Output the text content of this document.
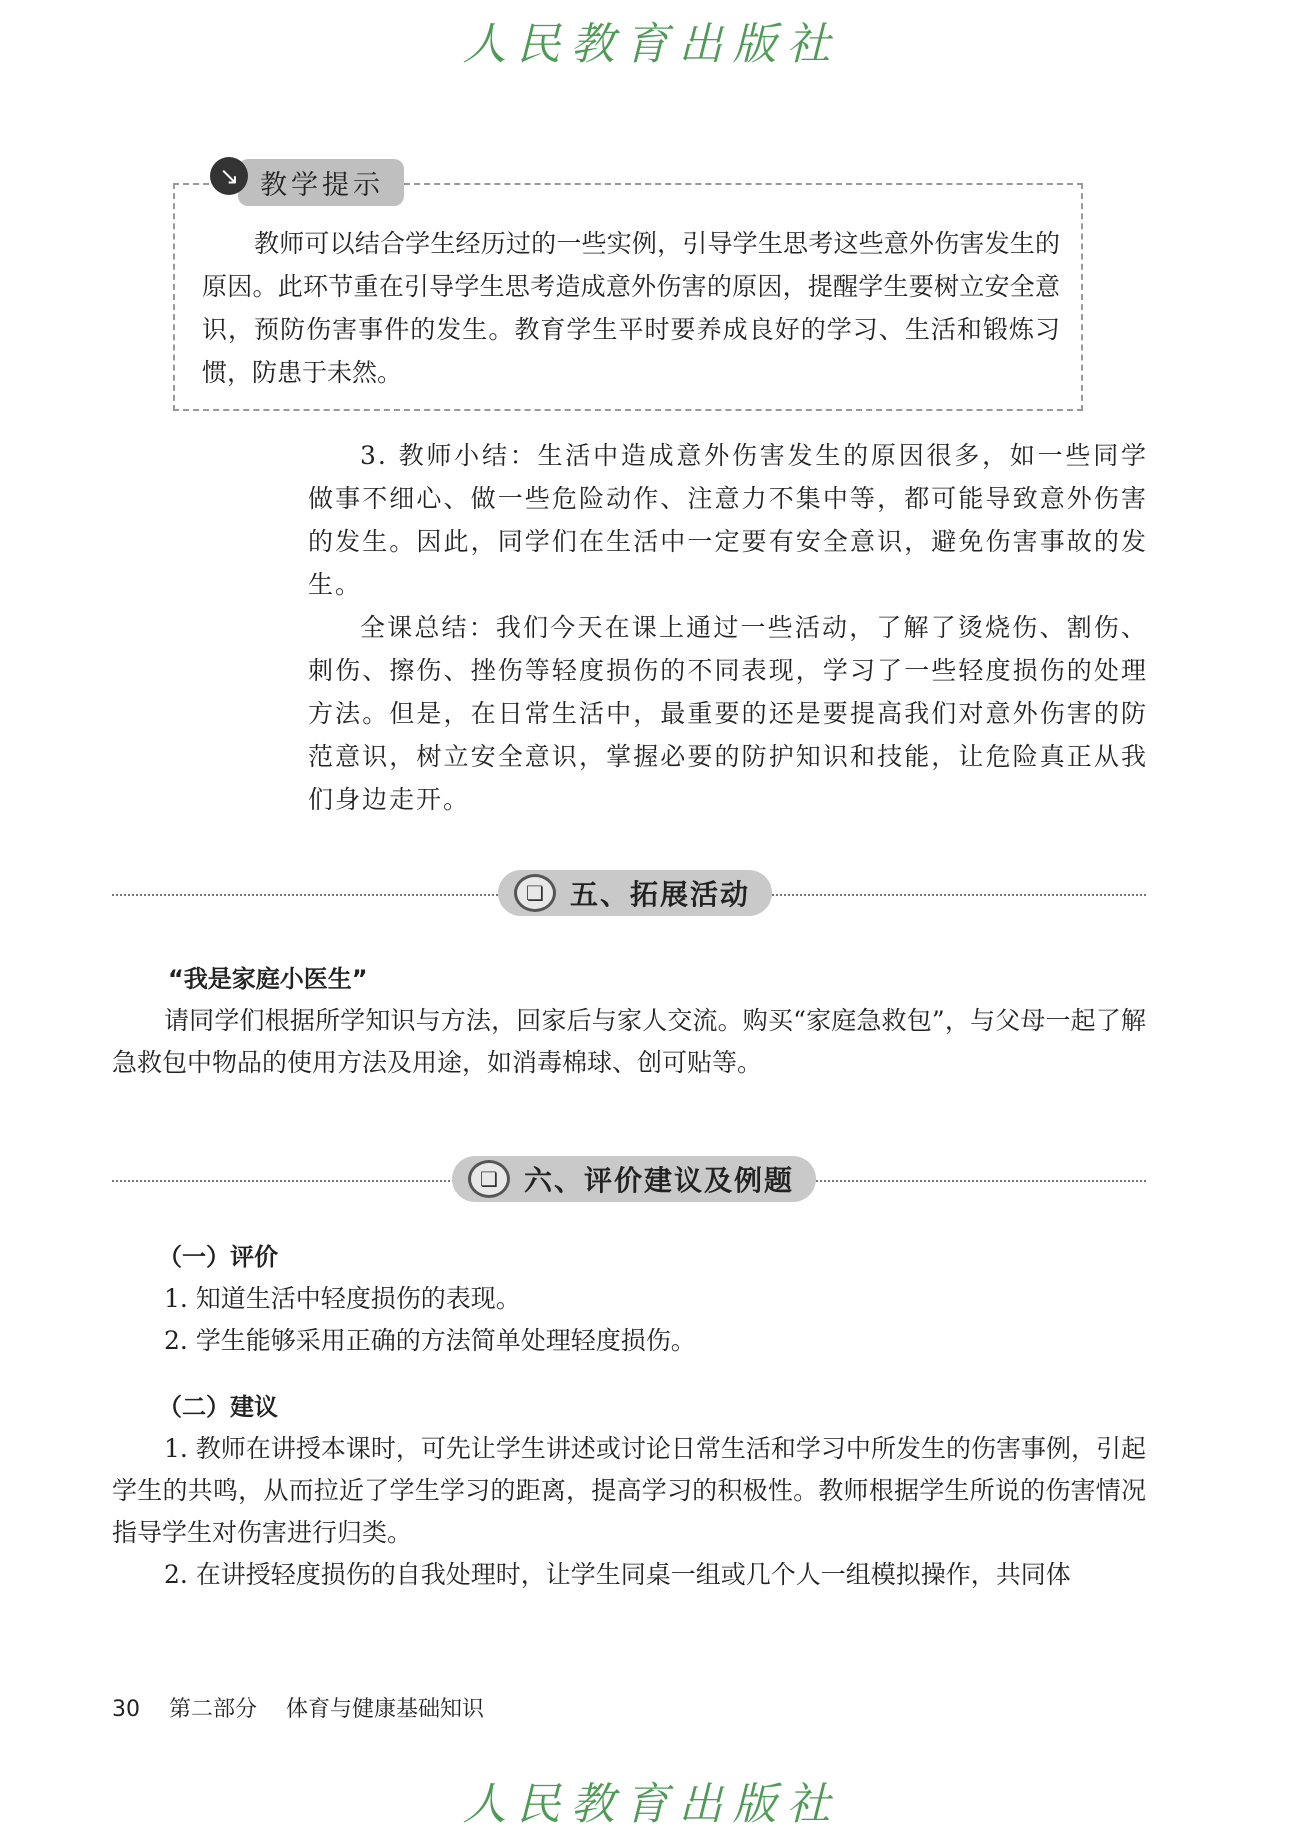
人民教育出版社
↘ 教学提示

教师可以结合学生经历过的一些实例，引导学生思考这些意外伤害发生的原因。此环节重在引导学生思考造成意外伤害的原因，提醒学生要树立安全意识，预防伤害事件的发生。教育学生平时要养成良好的学习、生活和锻炼习惯，防患于未然。

3. 教师小结：生活中造成意外伤害发生的原因很多，如一些同学做事不细心、做一些危险动作、注意力不集中等，都可能导致意外伤害的发生。因此，同学们在生活中一定要有安全意识，避免伤害事故的发生。

全课总结：我们今天在课上通过一些活动，了解了烫烧伤、割伤、刺伤、擦伤、挫伤等轻度损伤的不同表现，学习了一些轻度损伤的处理方法。但是，在日常生活中，最重要的还是要提高我们对意外伤害的防范意识，树立安全意识，掌握必要的防护知识和技能，让危险真正从我们身边走开。

❏ 五、拓展活动

“我是家庭小医生”

请同学们根据所学知识与方法，回家后与家人交流。购买“家庭急救包”，与父母一起了解急救包中物品的使用方法及用途，如消毒棉球、创可贴等。

❏ 六、评价建议及例题

（一）评价

1. 知道生活中轻度损伤的表现。

2. 学生能够采用正确的方法简单处理轻度损伤。

（二）建议

1. 教师在讲授本课时，可先让学生讲述或讨论日常生活和学习中所发生的伤害事例，引起学生的共鸣，从而拉近了学生学习的距离，提高学习的积极性。教师根据学生所说的伤害情况指导学生对伤害进行归类。

2. 在讲授轻度损伤的自我处理时，让学生同桌一组或几个人一组模拟操作，共同体

30 第二部分 体育与健康基础知识
人民教育出版社
